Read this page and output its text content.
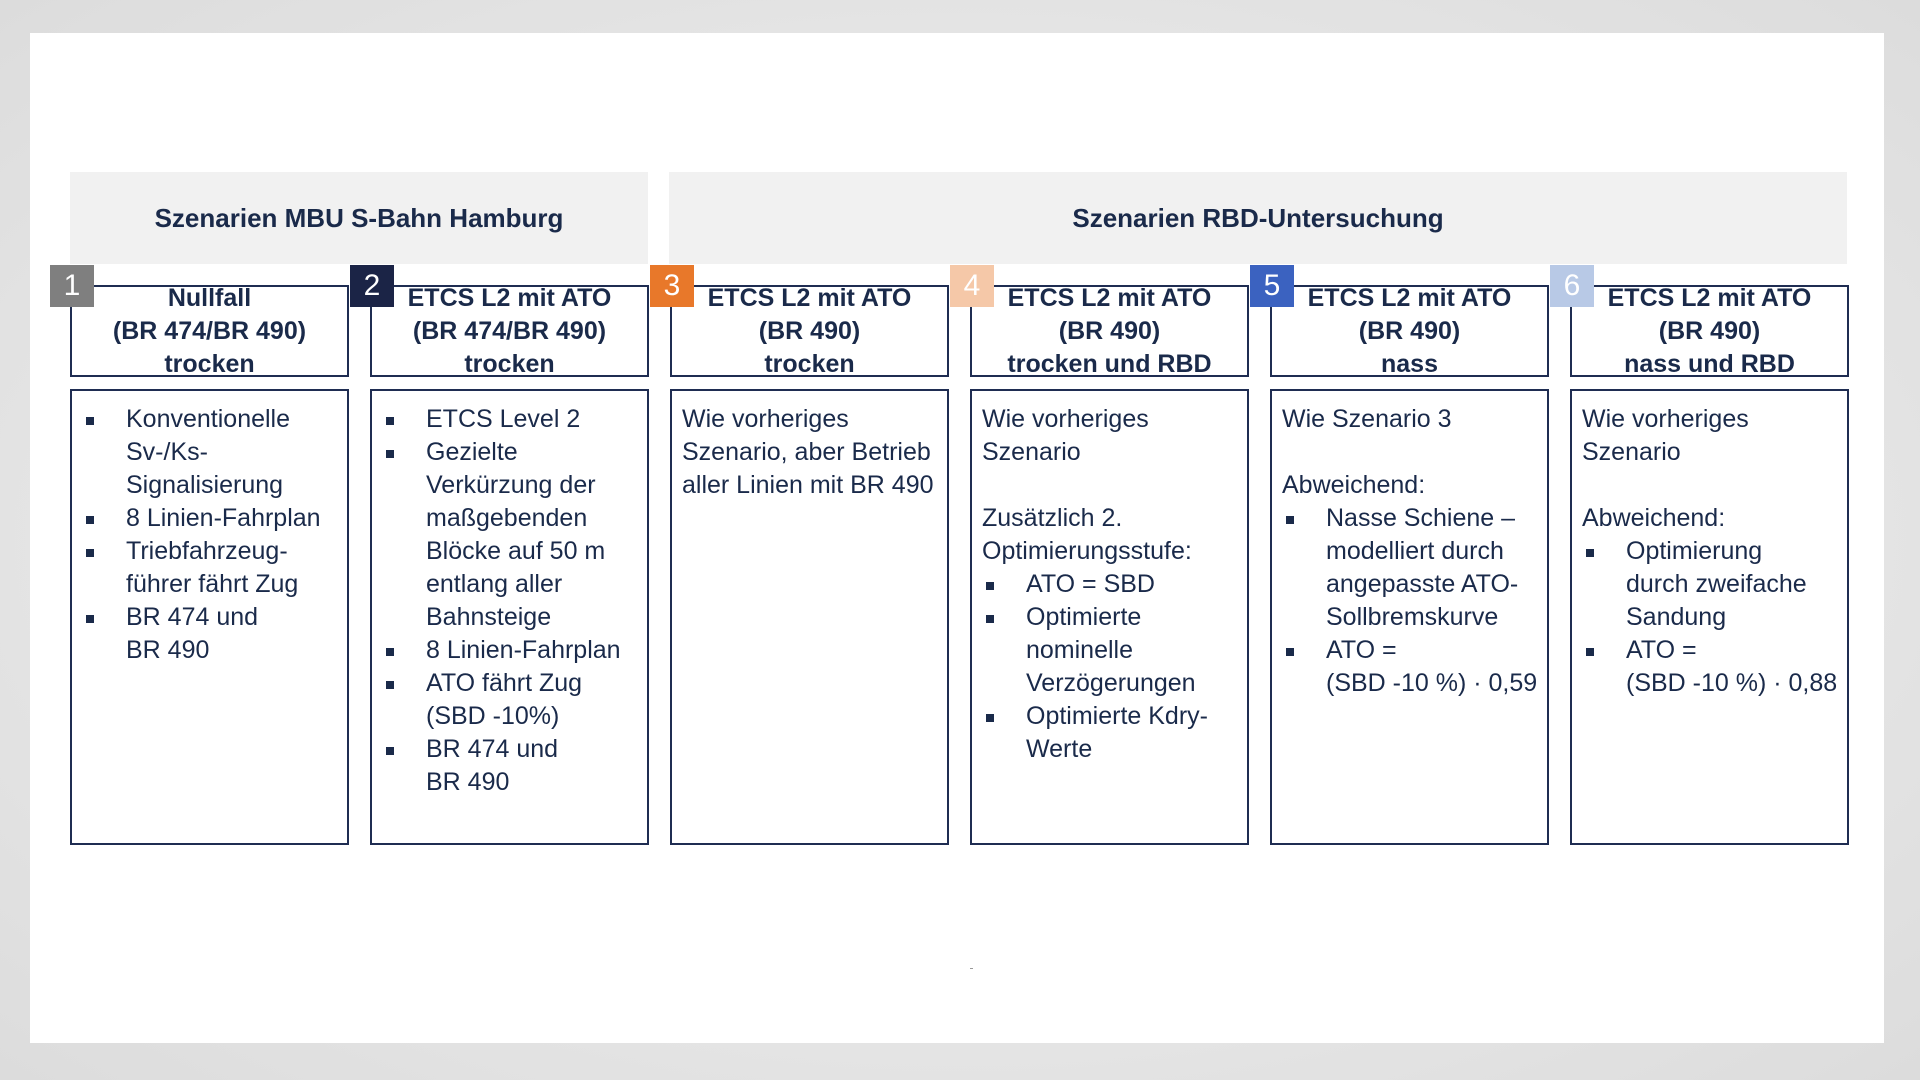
Szenarien MBU S-Bahn Hamburg	Szenarien RBD-Untersuchung
Nullfall
(BR 474/BR 490)
trocken
1
Konventionelle
Sv-/Ks-
Signalisierung
8 Linien-Fahrplan
Triebfahrzeug-
führer fährt Zug
BR 474 und
BR 490
ETCS L2 mit ATO
(BR 474/BR 490)
trocken
2
ETCS Level 2
Gezielte
Verkürzung der
maßgebenden
Blöcke auf 50 m
entlang aller
Bahnsteige
8 Linien-Fahrplan
ATO fährt Zug
(SBD -10%)
BR 474 und
BR 490
ETCS L2 mit ATO
(BR 490)
trocken
3
Wie vorheriges
Szenario, aber Betrieb
aller Linien mit BR 490
ETCS L2 mit ATO
(BR 490)
trocken und RBD
4
Wie vorheriges
Szenario
Zusätzlich 2.
Optimierungsstufe:
ATO = SBD
Optimierte
nominelle
Verzögerungen
Optimierte Kdry-
Werte
ETCS L2 mit ATO
(BR 490)
nass
5
Wie Szenario 3
Abweichend:
Nasse Schiene –
modelliert durch
angepasste ATO-
Sollbremskurve
ATO =
(SBD -10 %) · 0,59
ETCS L2 mit ATO
(BR 490)
nass und RBD
6
Wie vorheriges
Szenario
Abweichend:
Optimierung
durch zweifache
Sandung
ATO =
(SBD -10 %) · 0,88
